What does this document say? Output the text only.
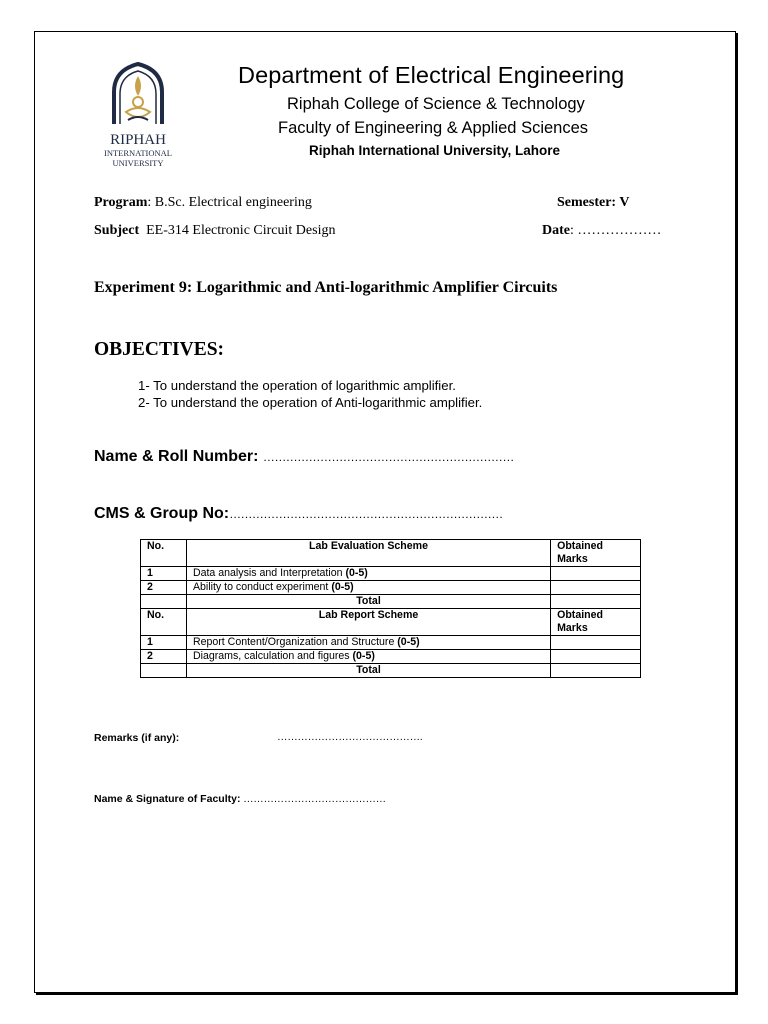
RIPHAH
INTERNATIONAL
UNIVERSITY
Department of Electrical Engineering
Riphah College of Science & Technology
Faculty of Engineering & Applied Sciences
Riphah International University, Lahore
Program: B.Sc. Electrical engineering	Semester: V
Subject EE-314 Electronic Circuit Design	Date: ………………
Experiment 9: Logarithmic and Anti-logarithmic Amplifier Circuits
OBJECTIVES:
1- To understand the operation of logarithmic amplifier.
2- To understand the operation of Anti-logarithmic amplifier.
Name & Roll Number: …………………………………………………………
CMS & Group No:………………………………………………………………
No.	Lab Evaluation Scheme	Obtained Marks
1	Data analysis and Interpretation (0-5)	
2	Ability to conduct experiment (0-5)	
	Total	
No.	Lab Report Scheme	Obtained Marks
1	Report Content/Organization and Structure (0-5)	
2	Diagrams, calculation and figures (0-5)	
	Total	
Remarks (if any):	…………………………………….
Name & Signature of Faculty: ……………………………………
